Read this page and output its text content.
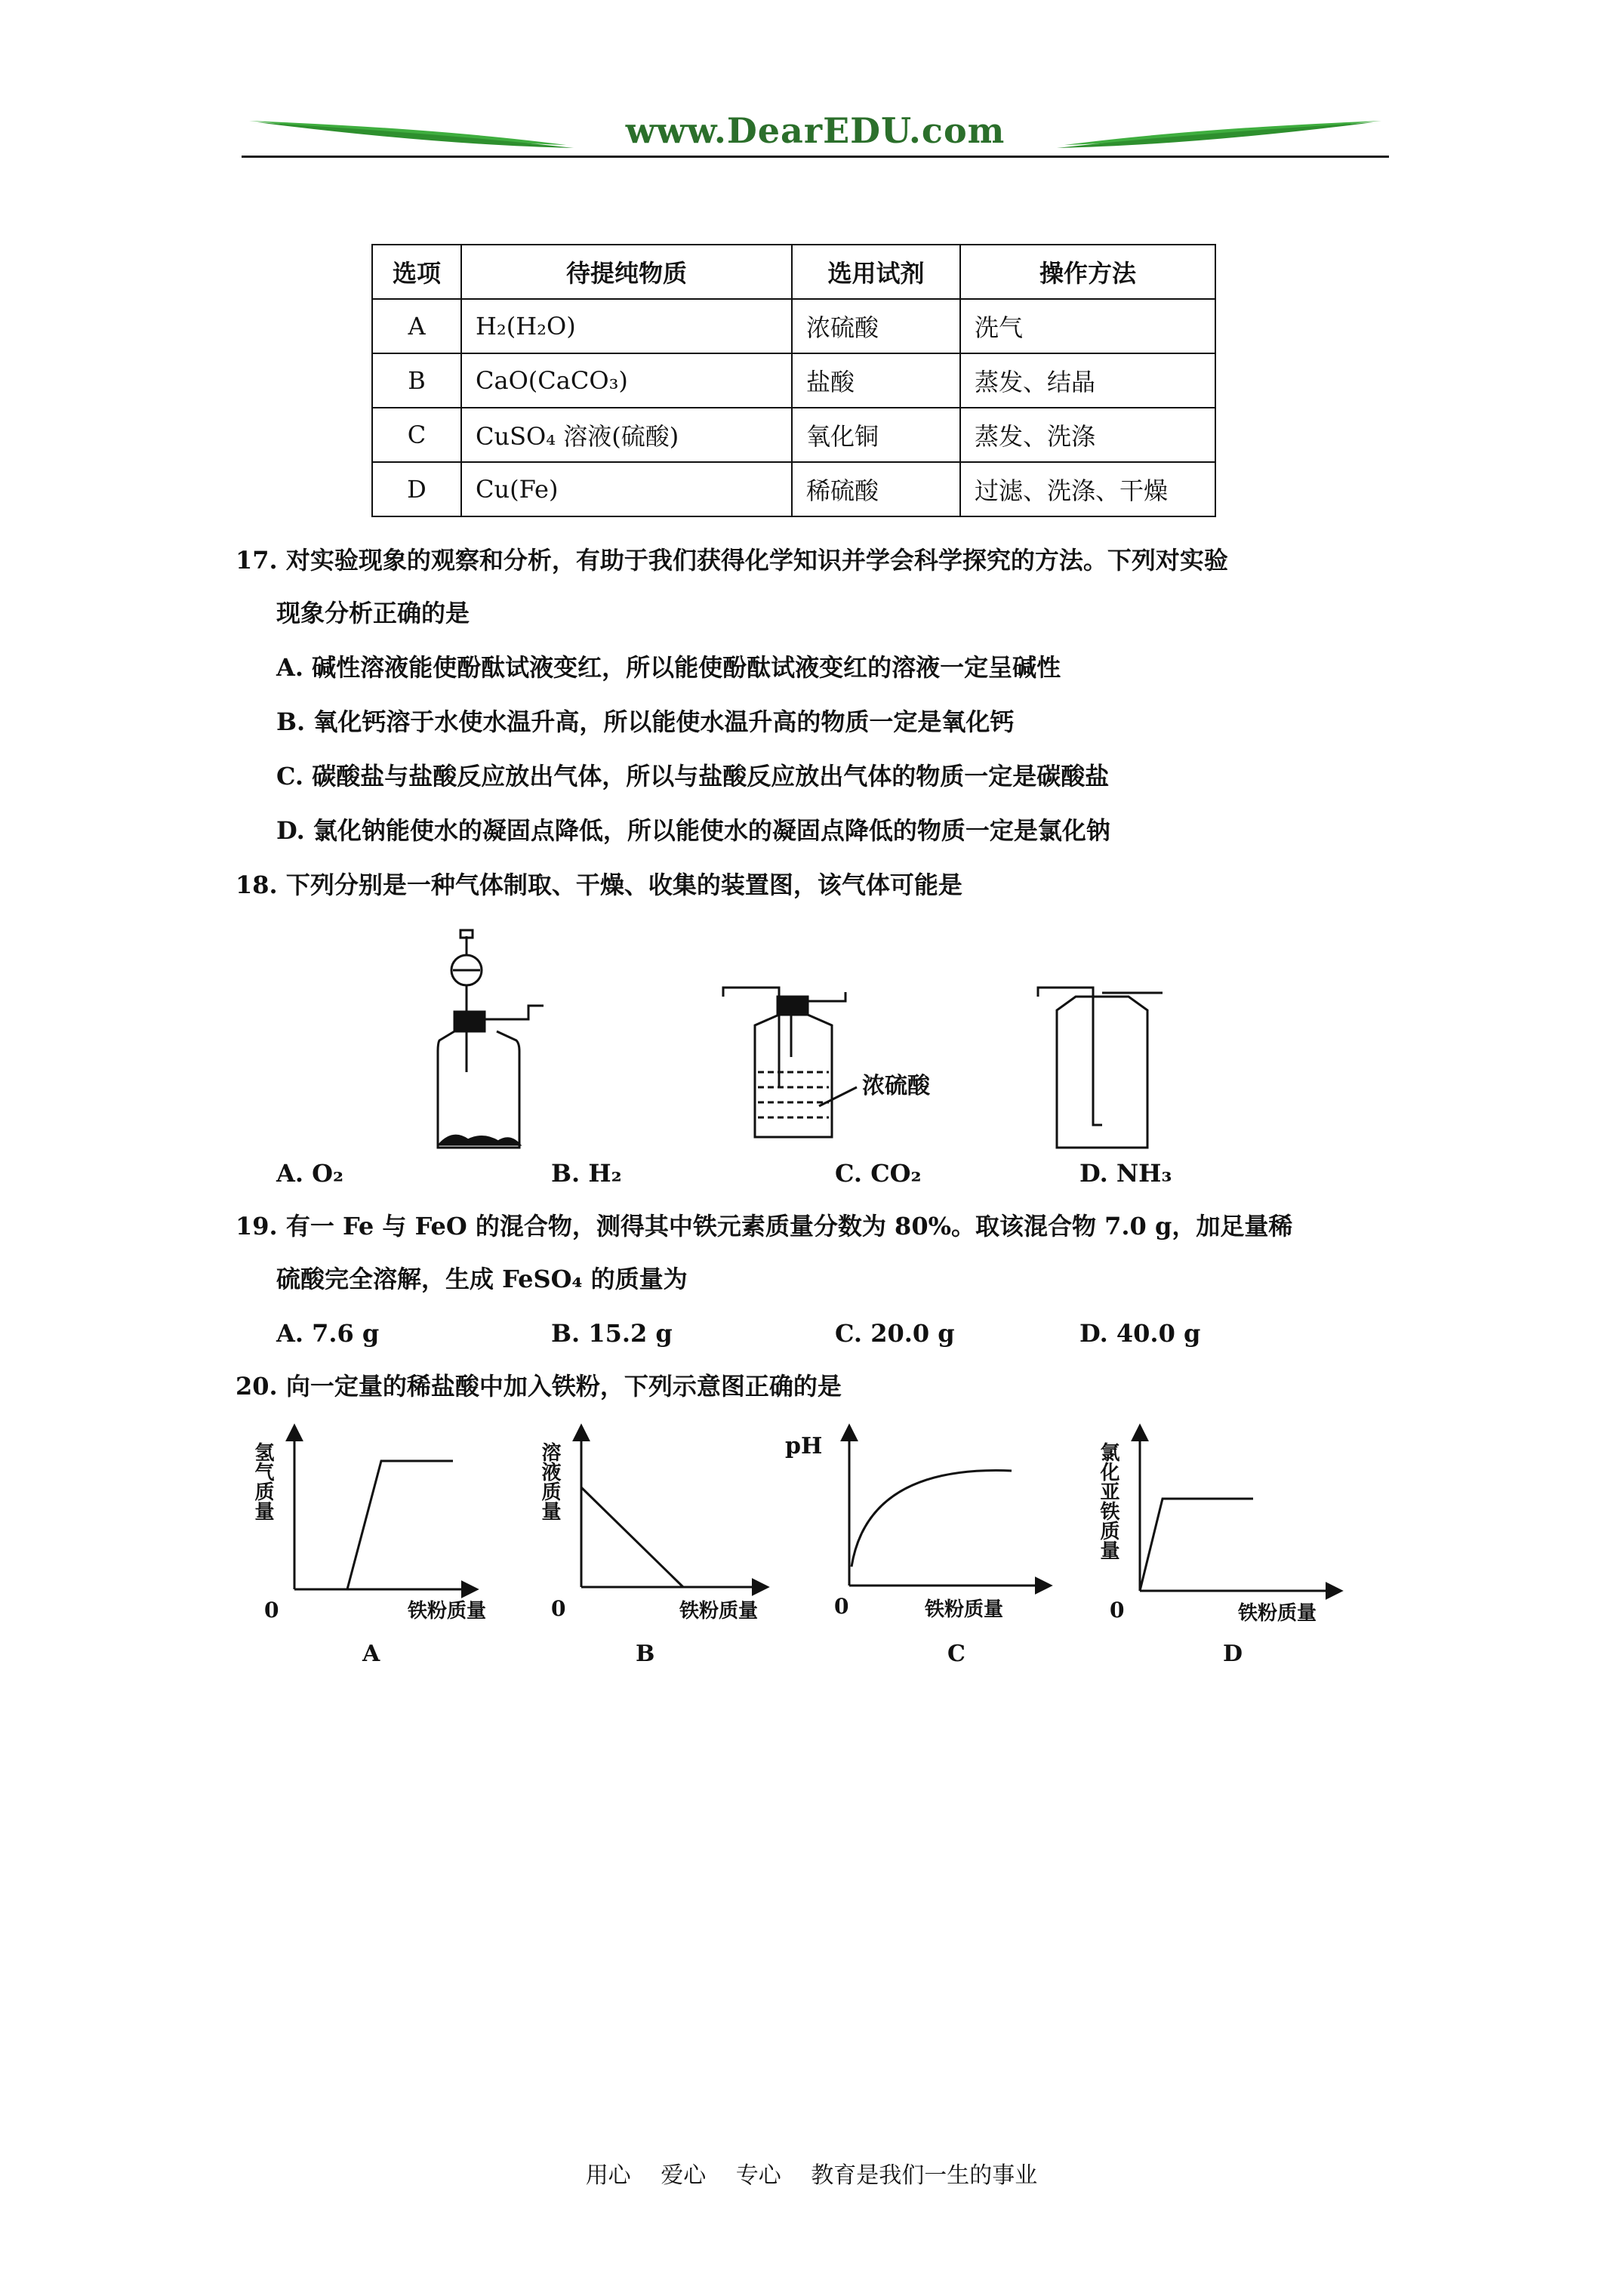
www.DearEDU.com
选项	待提纯物质	选用试剂	操作方法
A	H₂(H₂O)	浓硫酸	洗气
B	CaO(CaCO₃)	盐酸	蒸发、结晶
C	CuSO₄ 溶液(硫酸)	氧化铜	蒸发、洗涤
D	Cu(Fe)	稀硫酸	过滤、洗涤、干燥
17. 对实验现象的观察和分析，有助于我们获得化学知识并学会科学探究的方法。下列对实验
现象分析正确的是
A. 碱性溶液能使酚酞试液变红，所以能使酚酞试液变红的溶液一定呈碱性
B. 氧化钙溶于水使水温升高，所以能使水温升高的物质一定是氧化钙
C. 碳酸盐与盐酸反应放出气体，所以与盐酸反应放出气体的物质一定是碳酸盐
D. 氯化钠能使水的凝固点降低，所以能使水的凝固点降低的物质一定是氯化钠
18. 下列分别是一种气体制取、干燥、收集的装置图，该气体可能是
浓硫酸
A. O₂	B. H₂	C. CO₂	D. NH₃
19. 有一 Fe 与 FeO 的混合物，测得其中铁元素质量分数为 80%。取该混合物 7.0 g，加足量稀
硫酸完全溶解，生成 FeSO₄ 的质量为
A. 7.6 g	B. 15.2 g	C. 20.0 g	D. 40.0 g
20. 向一定量的稀盐酸中加入铁粉，下列示意图正确的是
氢气质量
0	铁粉质量
A
溶液质量
0	铁粉质量
B
pH
0	铁粉质量
C
氯化亚铁质量
0	铁粉质量
D
用心 爱心 专心 教育是我们一生的事业
